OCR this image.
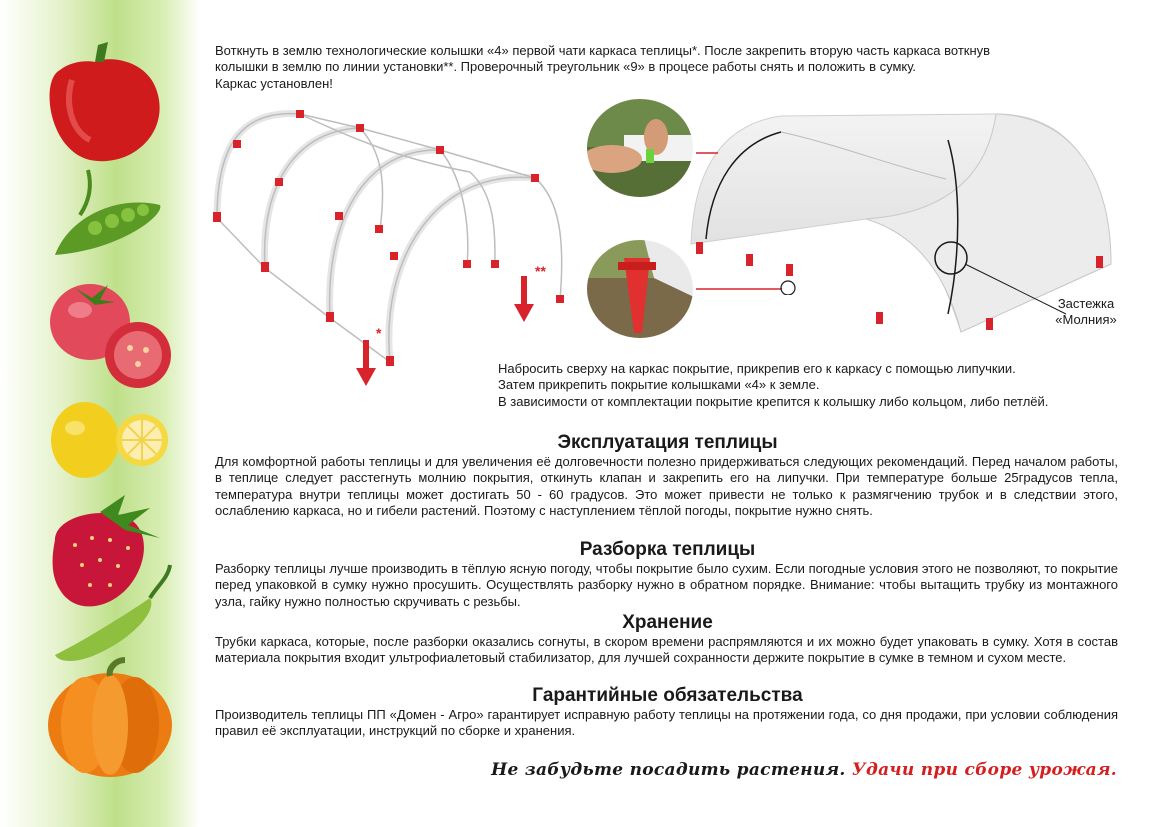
Воткнуть в землю технологические колышки «4» первой чати каркаса теплицы*. После закрепить вторую часть каркаса воткнув
колышки в землю по линии установки**. Проверочный треугольник «9» в процесе работы снять и положить в сумку.
Каркас установлен!

*
**
Застежка
«Молния»

Набросить сверху на каркас покрытие, прикрепив его к каркасу с помощью липучкии.
Затем прикрепить покрытие колышками «4» к земле.
В зависимости от комплектации покрытие крепится к колышку либо кольцом, либо петлёй.

Эксплуатация теплицы

Для комфортной работы теплицы и для увеличения её долговечности полезно придерживаться следующих рекомендаций. Перед началом работы, в теплице следует расстегнуть молнию покрытия, откинуть клапан и закрепить его на липучки. При температуре больше 25градусов тепла, температура внутри теплицы может достигать 50 - 60 градусов. Это может привести не только к размягчению трубок и в следствии этого, ослаблению каркаса, но и гибели растений. Поэтому с наступлением тёплой погоды, покрытие нужно снять.

Разборка теплицы

Разборку теплицы лучше производить в тёплую ясную погоду, чтобы покрытие было сухим. Если погодные условия этого не позволяют, то покрытие перед упаковкой в сумку нужно просушить. Осуществлять разборку нужно в обратном порядке. Внимание: чтобы вытащить трубку из монтажного узла, гайку нужно полностью скручивать с резьбы.

Хранение

Трубки каркаса, которые, после разборки оказались согнуты, в скором времени распрямляются и их можно будет упаковать в сумку. Хотя в состав материала покрытия входит ультрофиалетовый стабилизатор, для лучшей сохранности держите покрытие в сумке в темном и сухом месте.

Гарантийные обязательства

Производитель теплицы ПП «Домен - Агро» гарантирует исправную работу теплицы на протяжении года, со дня продажи, при условии соблюдения правил её эксплуатации, инструкций по сборке и хранения.

Не забудьте посадить растения. Удачи при сборе урожая.
